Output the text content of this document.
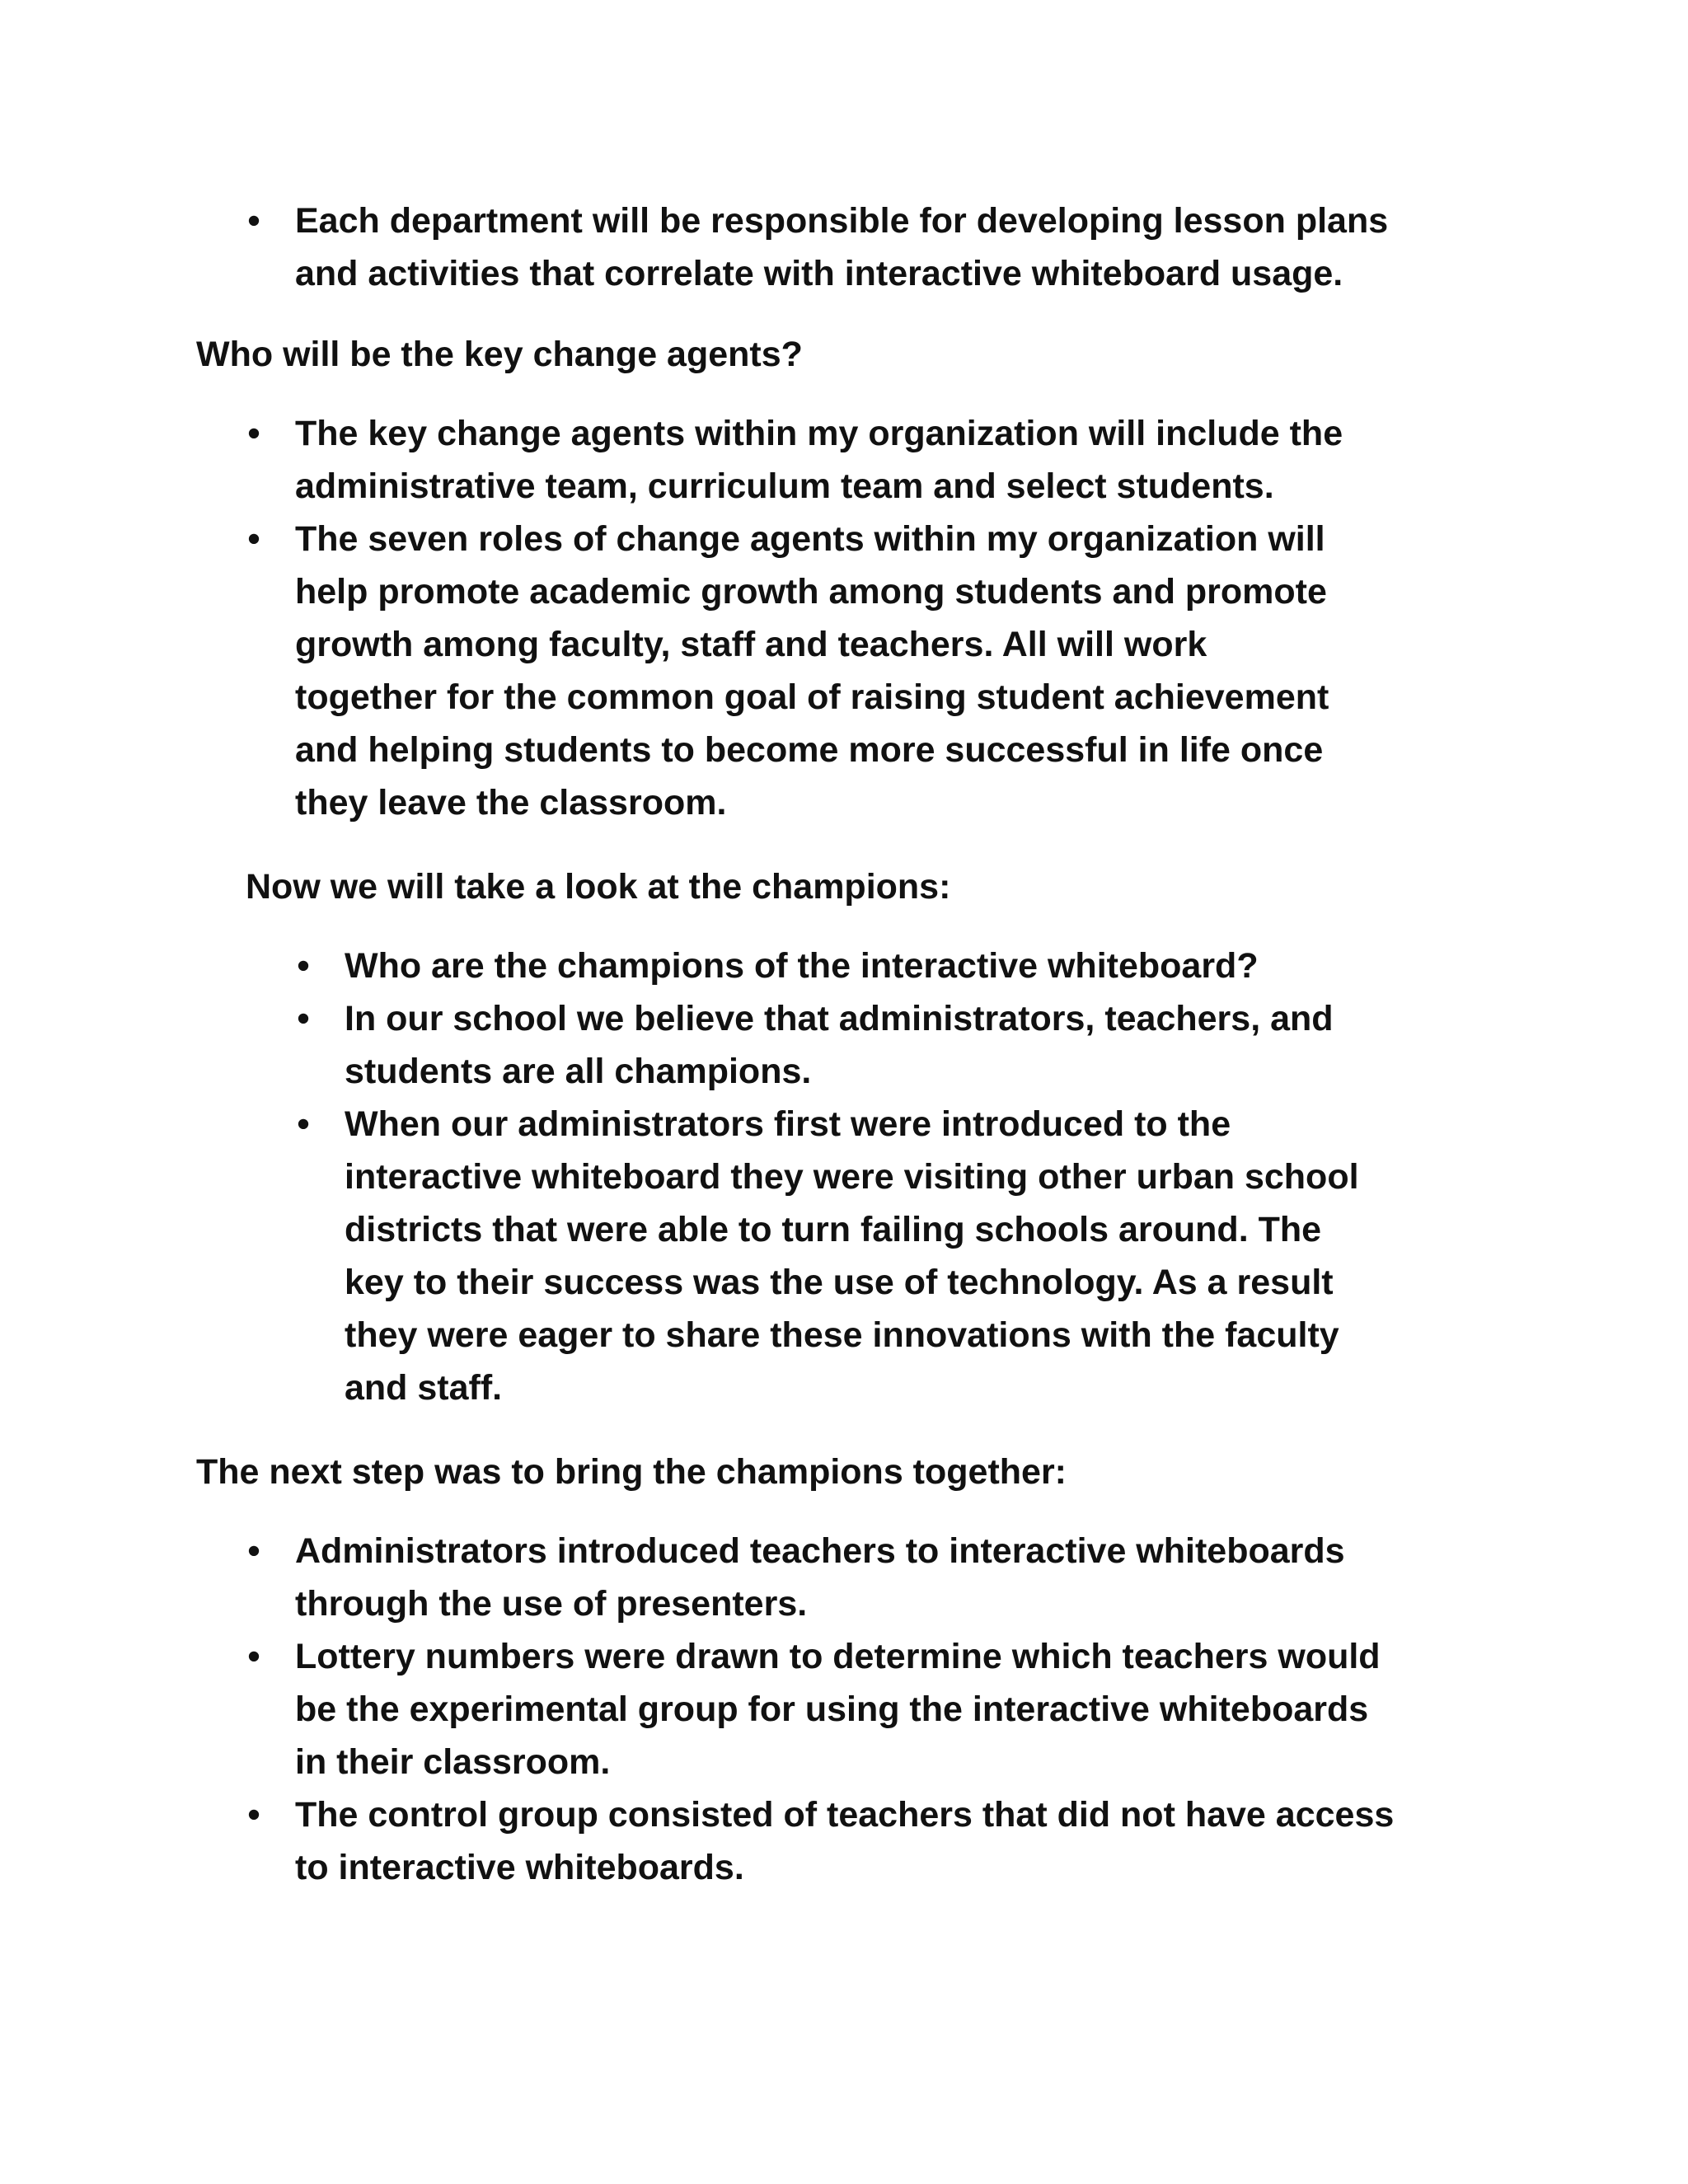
• Each department will be responsible for developing lesson plans
and activities that correlate with interactive whiteboard usage.

Who will be the key change agents?

• The key change agents within my organization will include the
administrative team, curriculum team and select students.
• The seven roles of change agents within my organization will
help promote academic growth among students and promote
growth among faculty, staff and teachers. All will work
together for the common goal of raising student achievement
and helping students to become more successful in life once
they leave the classroom.

Now we will take a look at the champions:

• Who are the champions of the interactive whiteboard?
• In our school we believe that administrators, teachers, and
students are all champions.
• When our administrators first were introduced to the
interactive whiteboard they were visiting other urban school
districts that were able to turn failing schools around. The
key to their success was the use of technology. As a result
they were eager to share these innovations with the faculty
and staff.

The next step was to bring the champions together:

• Administrators introduced teachers to interactive whiteboards
through the use of presenters.
• Lottery numbers were drawn to determine which teachers would
be the experimental group for using the interactive whiteboards
in their classroom.
• The control group consisted of teachers that did not have access
to interactive whiteboards.
